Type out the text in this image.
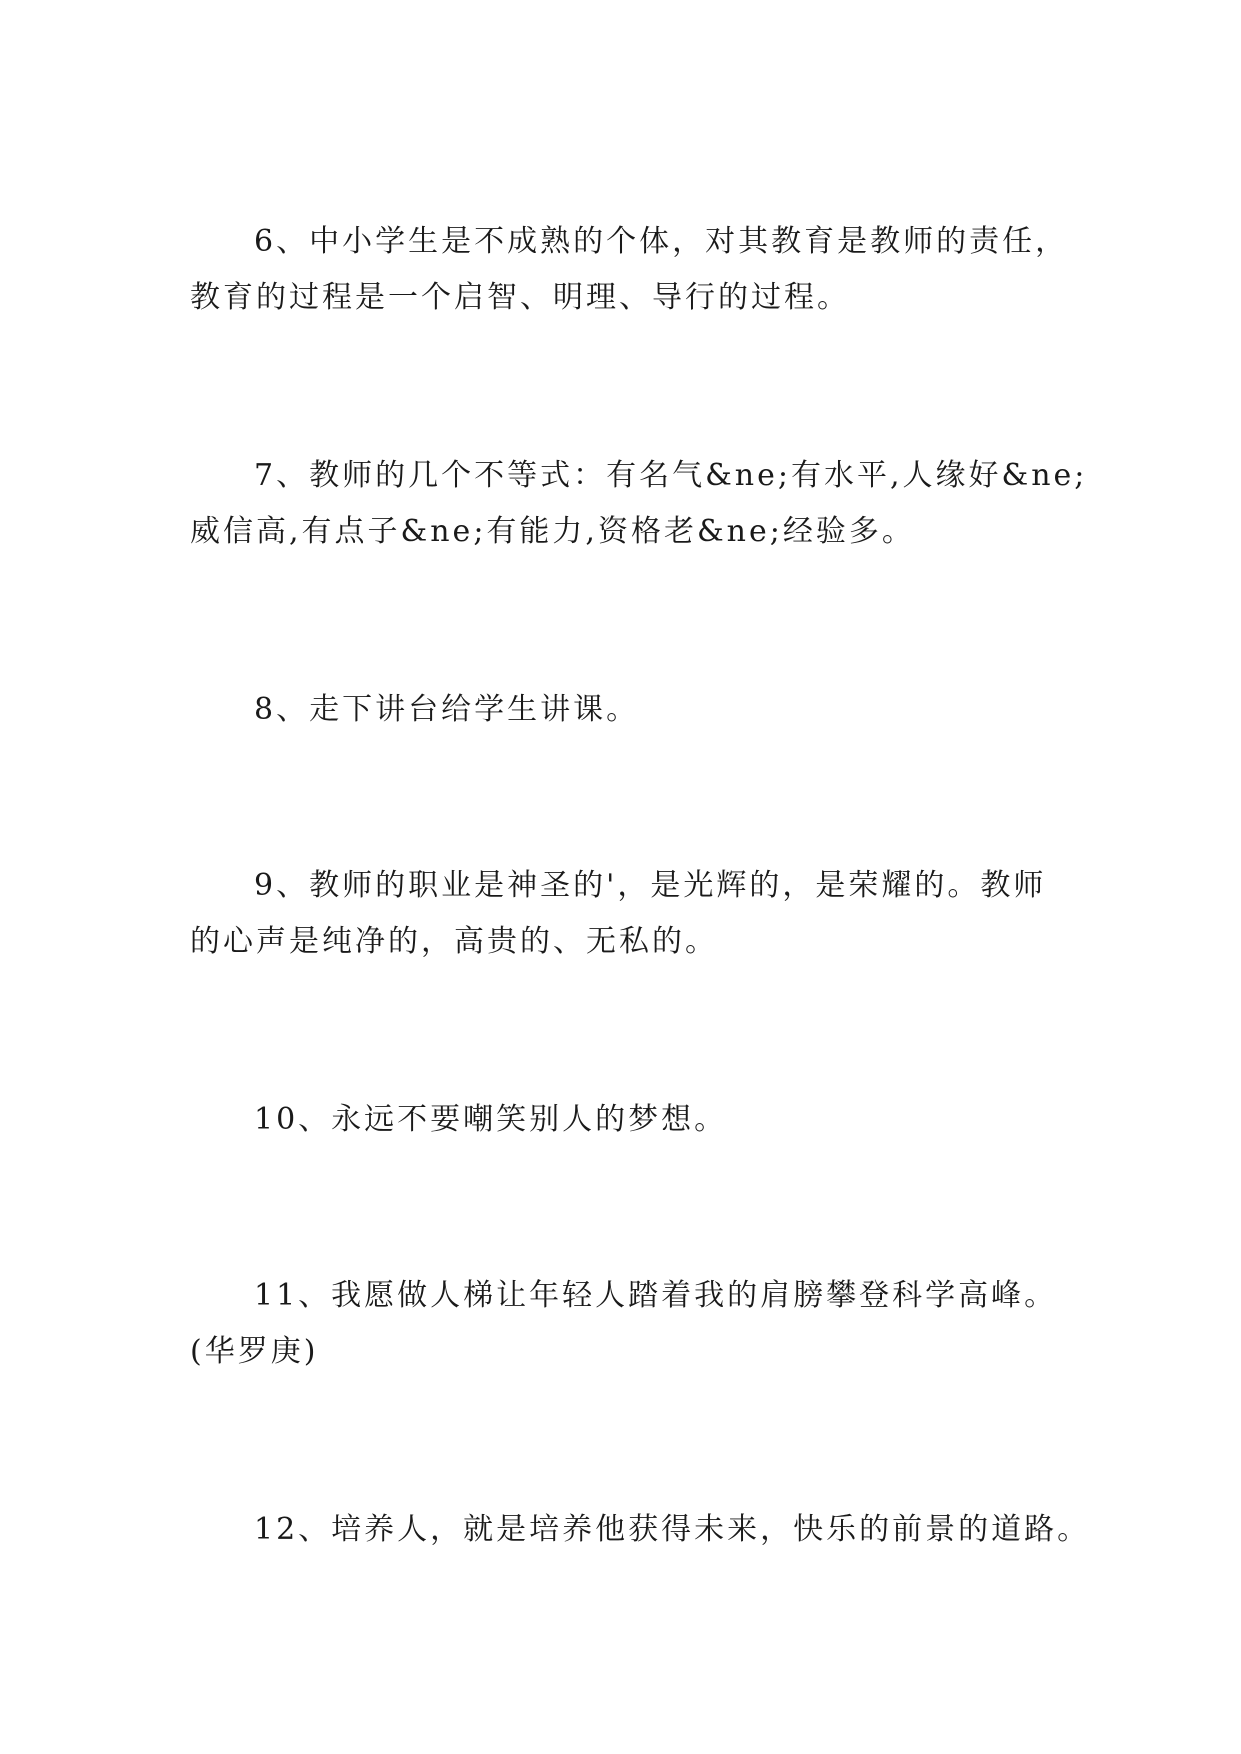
6、中小学生是不成熟的个体，对其教育是教师的责任，
教育的过程是一个启智、明理、导行的过程。

7、教师的几个不等式：有名气&ne;有水平,人缘好&ne;
威信高,有点子&ne;有能力,资格老&ne;经验多。

8、走下讲台给学生讲课。

9、教师的职业是神圣的'，是光辉的，是荣耀的。教师
的心声是纯净的，高贵的、无私的。

10、永远不要嘲笑别人的梦想。

11、我愿做人梯让年轻人踏着我的肩膀攀登科学高峰。
(华罗庚)

12、培养人，就是培养他获得未来，快乐的前景的道路。
